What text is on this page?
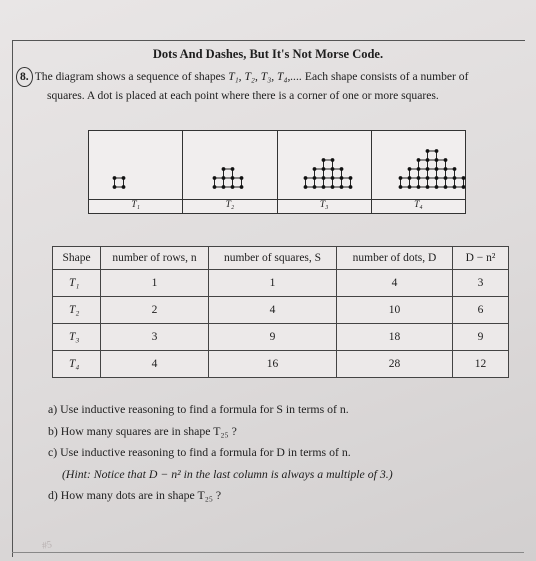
Dots And Dashes, But It's Not Morse Code.
8. The diagram shows a sequence of shapes T₁, T₂, T₃, T₄,.... Each shape consists of a number of
squares. A dot is placed at each point where there is a corner of one or more squares.
T₁	T₂	T₃	T₄
Shape	number of rows, n	number of squares, S	number of dots, D	D − n²
T₁	1	1	4	3
T₂	2	4	10	6
T₃	3	9	18	9
T₄	4	16	28	12
a) Use inductive reasoning to find a formula for S in terms of n.
b) How many squares are in shape T₂₅ ?
c) Use inductive reasoning to find a formula for D in terms of n.
(Hint: Notice that D − n² in the last column is always a multiple of 3.)
d) How many dots are in shape T₂₅ ?
#5
